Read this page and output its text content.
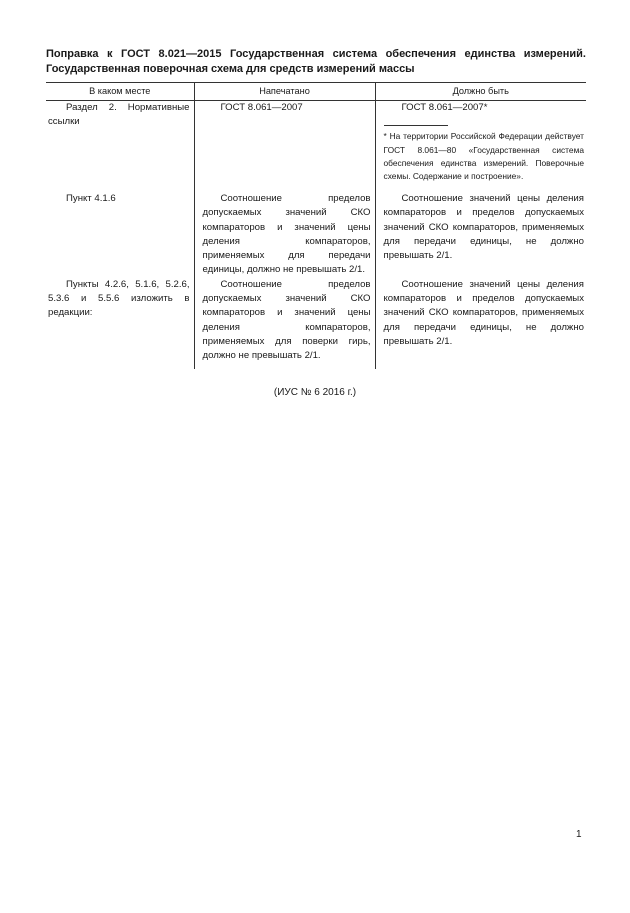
Поправка к ГОСТ 8.021—2015 Государственная система обеспечения единства измерений. Государственная поверочная схема для средств измерений массы
В каком месте	Напечатано	Должно быть

Раздел 2. Нормативные ссылки	ГОСТ 8.061—2007	ГОСТ 8.061—2007*
* На территории Российской Федерации действует ГОСТ 8.061—80 «Государственная система обеспечения единства измерений. Поверочные схемы. Содержание и построение».

Пункт 4.1.6	Соотношение пределов допускаемых значений СКО компараторов и значений цены деления компараторов, применяемых для передачи единицы, должно не превышать 2/1.	Соотношение значений цены деления компараторов и пределов допускаемых значений СКО компараторов, применяемых для передачи единицы, не должно превышать 2/1.

Пункты 4.2.6, 5.1.6, 5.2.6, 5.3.6 и 5.5.6 изложить в редакции:	Соотношение пределов допускаемых значений СКО компараторов и значений цены деления компараторов, применяемых для поверки гирь, должно не превышать 2/1.	Соотношение значений цены деления компараторов и пределов допускаемых значений СКО компараторов, применяемых для передачи единицы, не должно превышать 2/1.
(ИУС № 6 2016 г.)
1
